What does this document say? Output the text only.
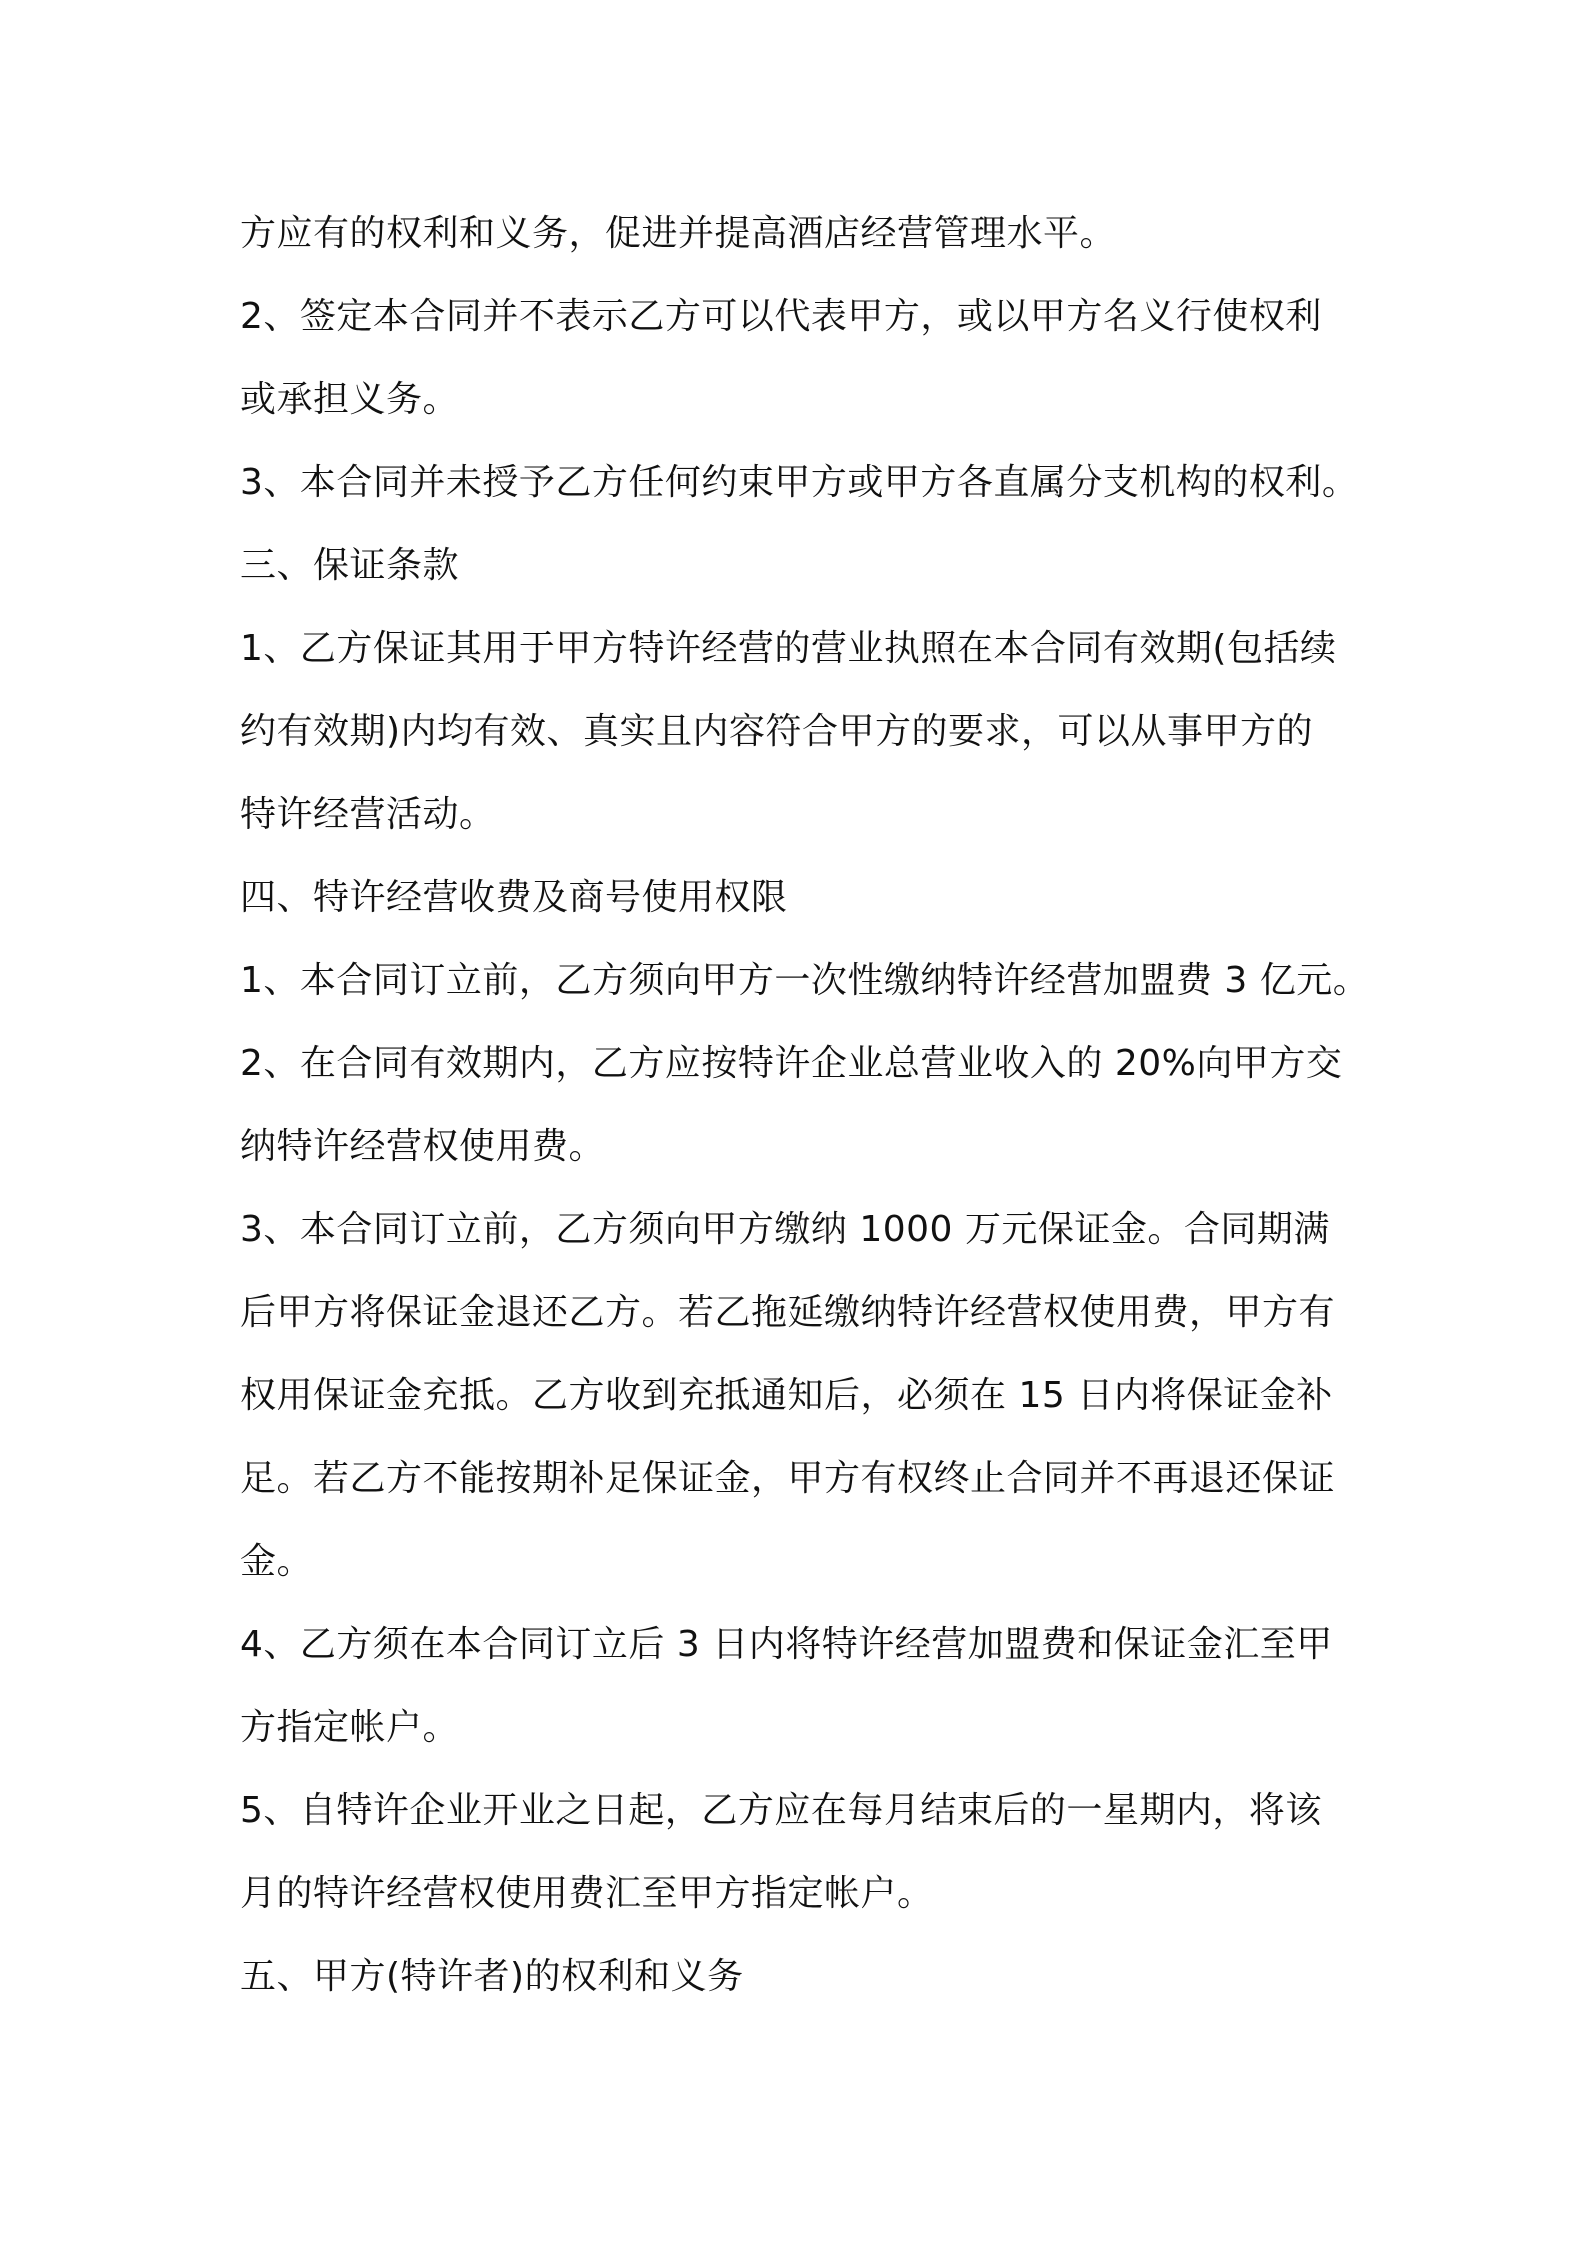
方应有的权利和义务，促进并提高酒店经营管理水平。
2、签定本合同并不表示乙方可以代表甲方，或以甲方名义行使权利
或承担义务。
3、本合同并未授予乙方任何约束甲方或甲方各直属分支机构的权利。
三、保证条款
1、乙方保证其用于甲方特许经营的营业执照在本合同有效期(包括续
约有效期)内均有效、真实且内容符合甲方的要求，可以从事甲方的
特许经营活动。
四、特许经营收费及商号使用权限
1、本合同订立前，乙方须向甲方一次性缴纳特许经营加盟费 3 亿元。
2、在合同有效期内，乙方应按特许企业总营业收入的 20%向甲方交
纳特许经营权使用费。
3、本合同订立前，乙方须向甲方缴纳 1000 万元保证金。合同期满
后甲方将保证金退还乙方。若乙拖延缴纳特许经营权使用费，甲方有
权用保证金充抵。乙方收到充抵通知后，必须在 15 日内将保证金补
足。若乙方不能按期补足保证金，甲方有权终止合同并不再退还保证
金。
4、乙方须在本合同订立后 3 日内将特许经营加盟费和保证金汇至甲
方指定帐户。
5、自特许企业开业之日起，乙方应在每月结束后的一星期内，将该
月的特许经营权使用费汇至甲方指定帐户。
五、甲方(特许者)的权利和义务
